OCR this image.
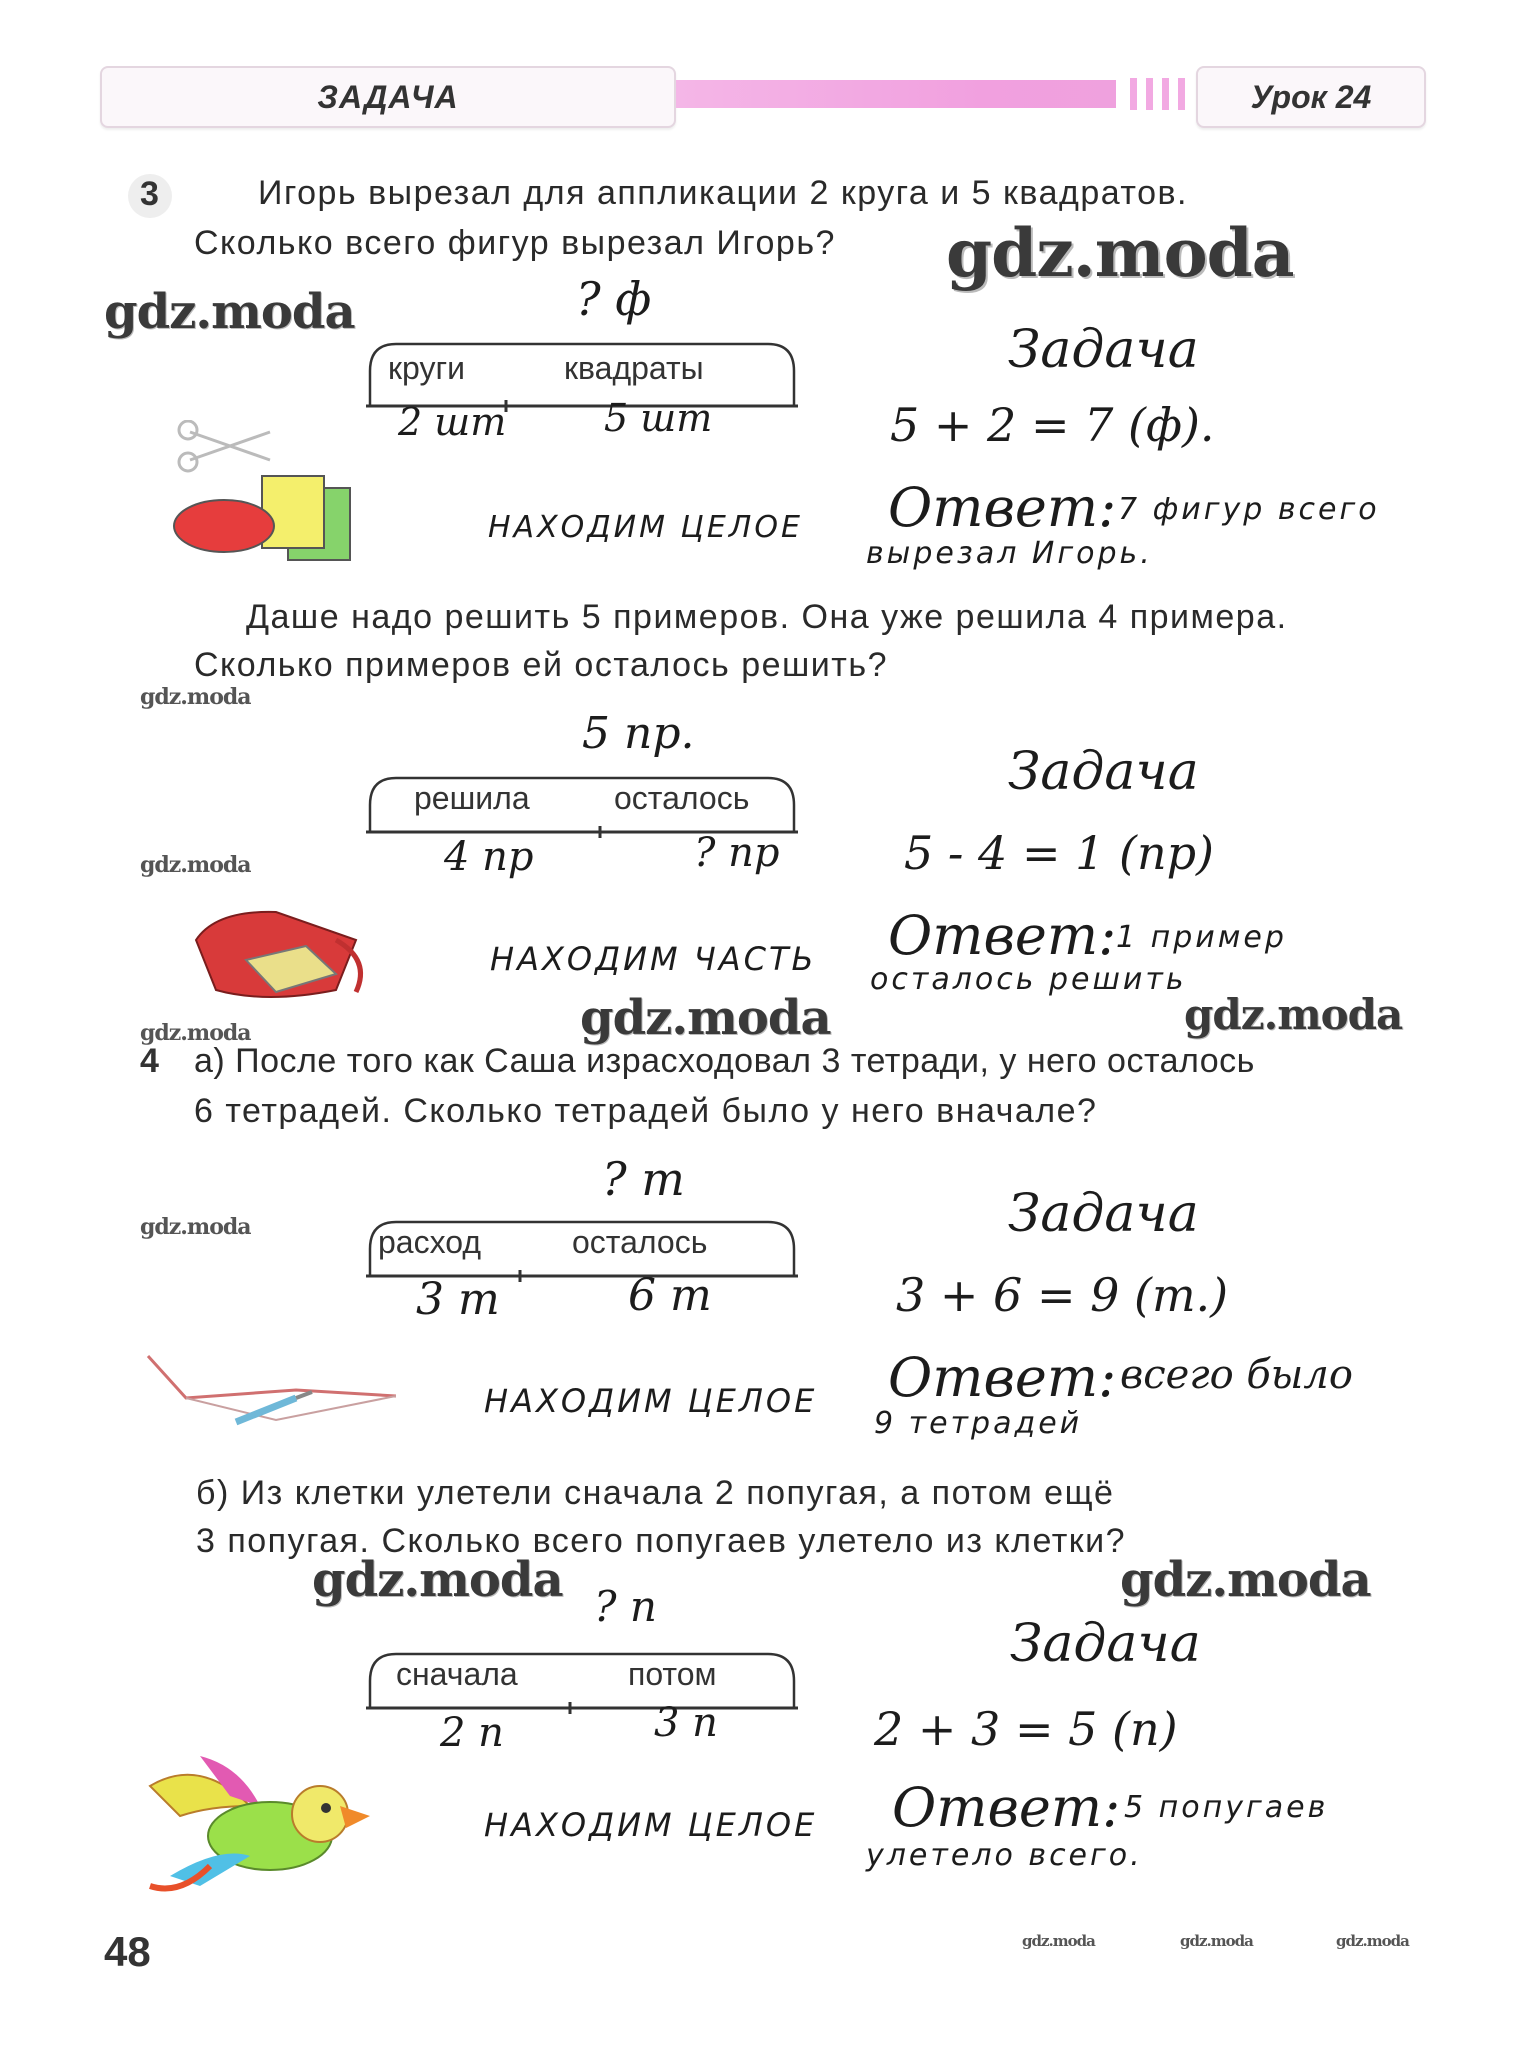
ЗАДАЧА	Урок 24
3	Игорь вырезал для аппликации 2 круга и 5 квадратов.
Сколько всего фигур вырезал Игорь?
? ф
круги	квадраты
2 шт	5 шт
НАХОДИМ ЦЕЛОЕ
Задача
5 + 2 = 7 (ф).
Ответ: 7 фигур всего
вырезал Игорь.
Даше надо решить 5 примеров. Она уже решила 4 примера.
Сколько примеров ей осталось решить?
5 пр.
решила	осталось
4 пр	? пр
НАХОДИМ ЧАСТЬ
Задача
5 - 4 = 1 (пр)
Ответ: 1 пример
осталось решить
4 а) После того как Саша израсходовал 3 тетради, у него осталось
6 тетрадей. Сколько тетрадей было у него вначале?
? т
расход	осталось
3 т	6 т
НАХОДИМ ЦЕЛОЕ
Задача
3 + 6 = 9 (т.)
Ответ: всего было
9 тетрадей
б) Из клетки улетели сначала 2 попугая, а потом ещё
3 попугая. Сколько всего попугаев улетело из клетки?
? п
сначала	потом
2 п	3 п
НАХОДИМ ЦЕЛОЕ
Задача
2 + 3 = 5 (п)
Ответ: 5 попугаев
улетело всего.
gdz.moda
gdz.moda
gdz.moda
gdz.moda
gdz.moda	gdz.moda	gdz.moda
gdz.moda
gdz.moda	gdz.moda
gdz.moda	gdz.moda	gdz.moda
48
